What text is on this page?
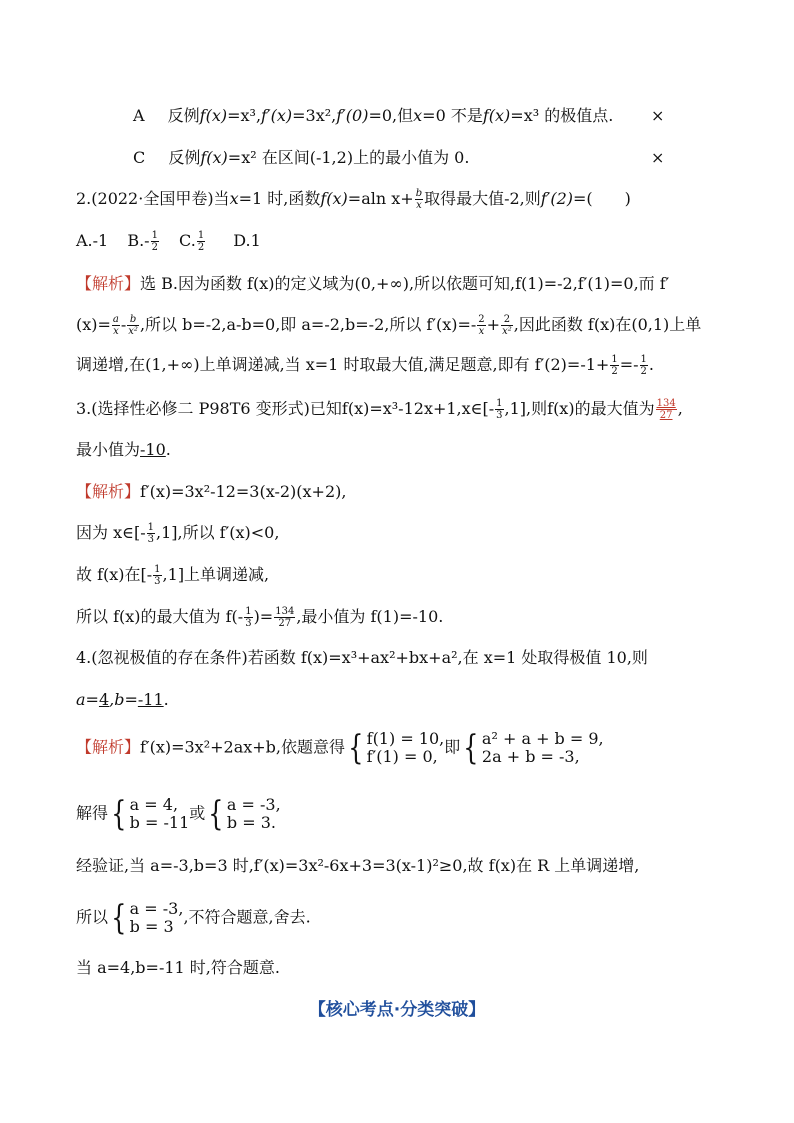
A 反例f(x)=x³,f′(x)=3x²,f′(0)=0,但x=0 不是f(x)=x³ 的极值点. ×
C 反例f(x)=x² 在区间(-1,2)上的最小值为 0.	×
2.(2022·全国甲卷)当x=1 时,函数f(x)=aln $x+ \frac{b}{x}$ 取得最大值-2,则f′(2)=(　　)
A.-1 $B.- \frac{1}{2} C$. $\frac{1}{2} D.1$
【解析】选 B.因为函数 f(x)的定义域为(0,+∞),所以依题可知,f(1)=-2,f′(1)=0,而 f′
$(x)= \frac{a}{x} - \frac{b}{\text{x²}}$ ,所以 b=-2,a-b=0,即 a=-2,b=-2,所以 $f'(x)=- \frac{2}{x} + \frac{2}{\text{x²}}$ ,因此函数 f(x)在(0,1)上单
调递增,在(1,+∞)上单调递减,当 x=1 时取最大值,满足题意,即有 $f'(2)=-1+ \frac{1}{2} =- \frac{1}{2}$ .
3.(选择性必修二 P98T6 变形式)已知f(x)=x³-12x+1,x∈[- $\frac{1}{3} ,1$],则f(x)的最大值为 $\frac{134}{27}$ ,
最小值为-10.
【解析】f′(x)=3x²-12=3(x-2)(x+2),
因为 x∈[- $\frac{1}{3} ,1$],所以 f′(x)<0,
故 f(x)在[- $\frac{1}{3} ,1$]上单调递减,
所以 f(x)的最大值为 $f(- \frac{1}{3}$ )= $\frac{134}{27}$ ,最小值为 f(1)=-10.
4.(忽视极值的存在条件)若函数 f(x)=x³+ax²+bx+a²,在 x=1 处取得极值 10,则
a=4,b=-11.
【解析】f′(x)=3x²+2ax+b,依题意得{ f(1) = 10,
f′(1) = 0, 即{ a² + a + b = 9,
2a + b = -3,
解得{ a = 4,
b = -11 或{ a = -3,
b = 3.
经验证,当 a=-3,b=3 时,f′(x)=3x²-6x+3=3(x-1)²≥0,故 f(x)在 R 上单调递增,
所以{ a = -3,
b = 3 ,不符合题意,舍去.
当 a=4,b=-11 时,符合题意.
【核心考点·分类突破】
